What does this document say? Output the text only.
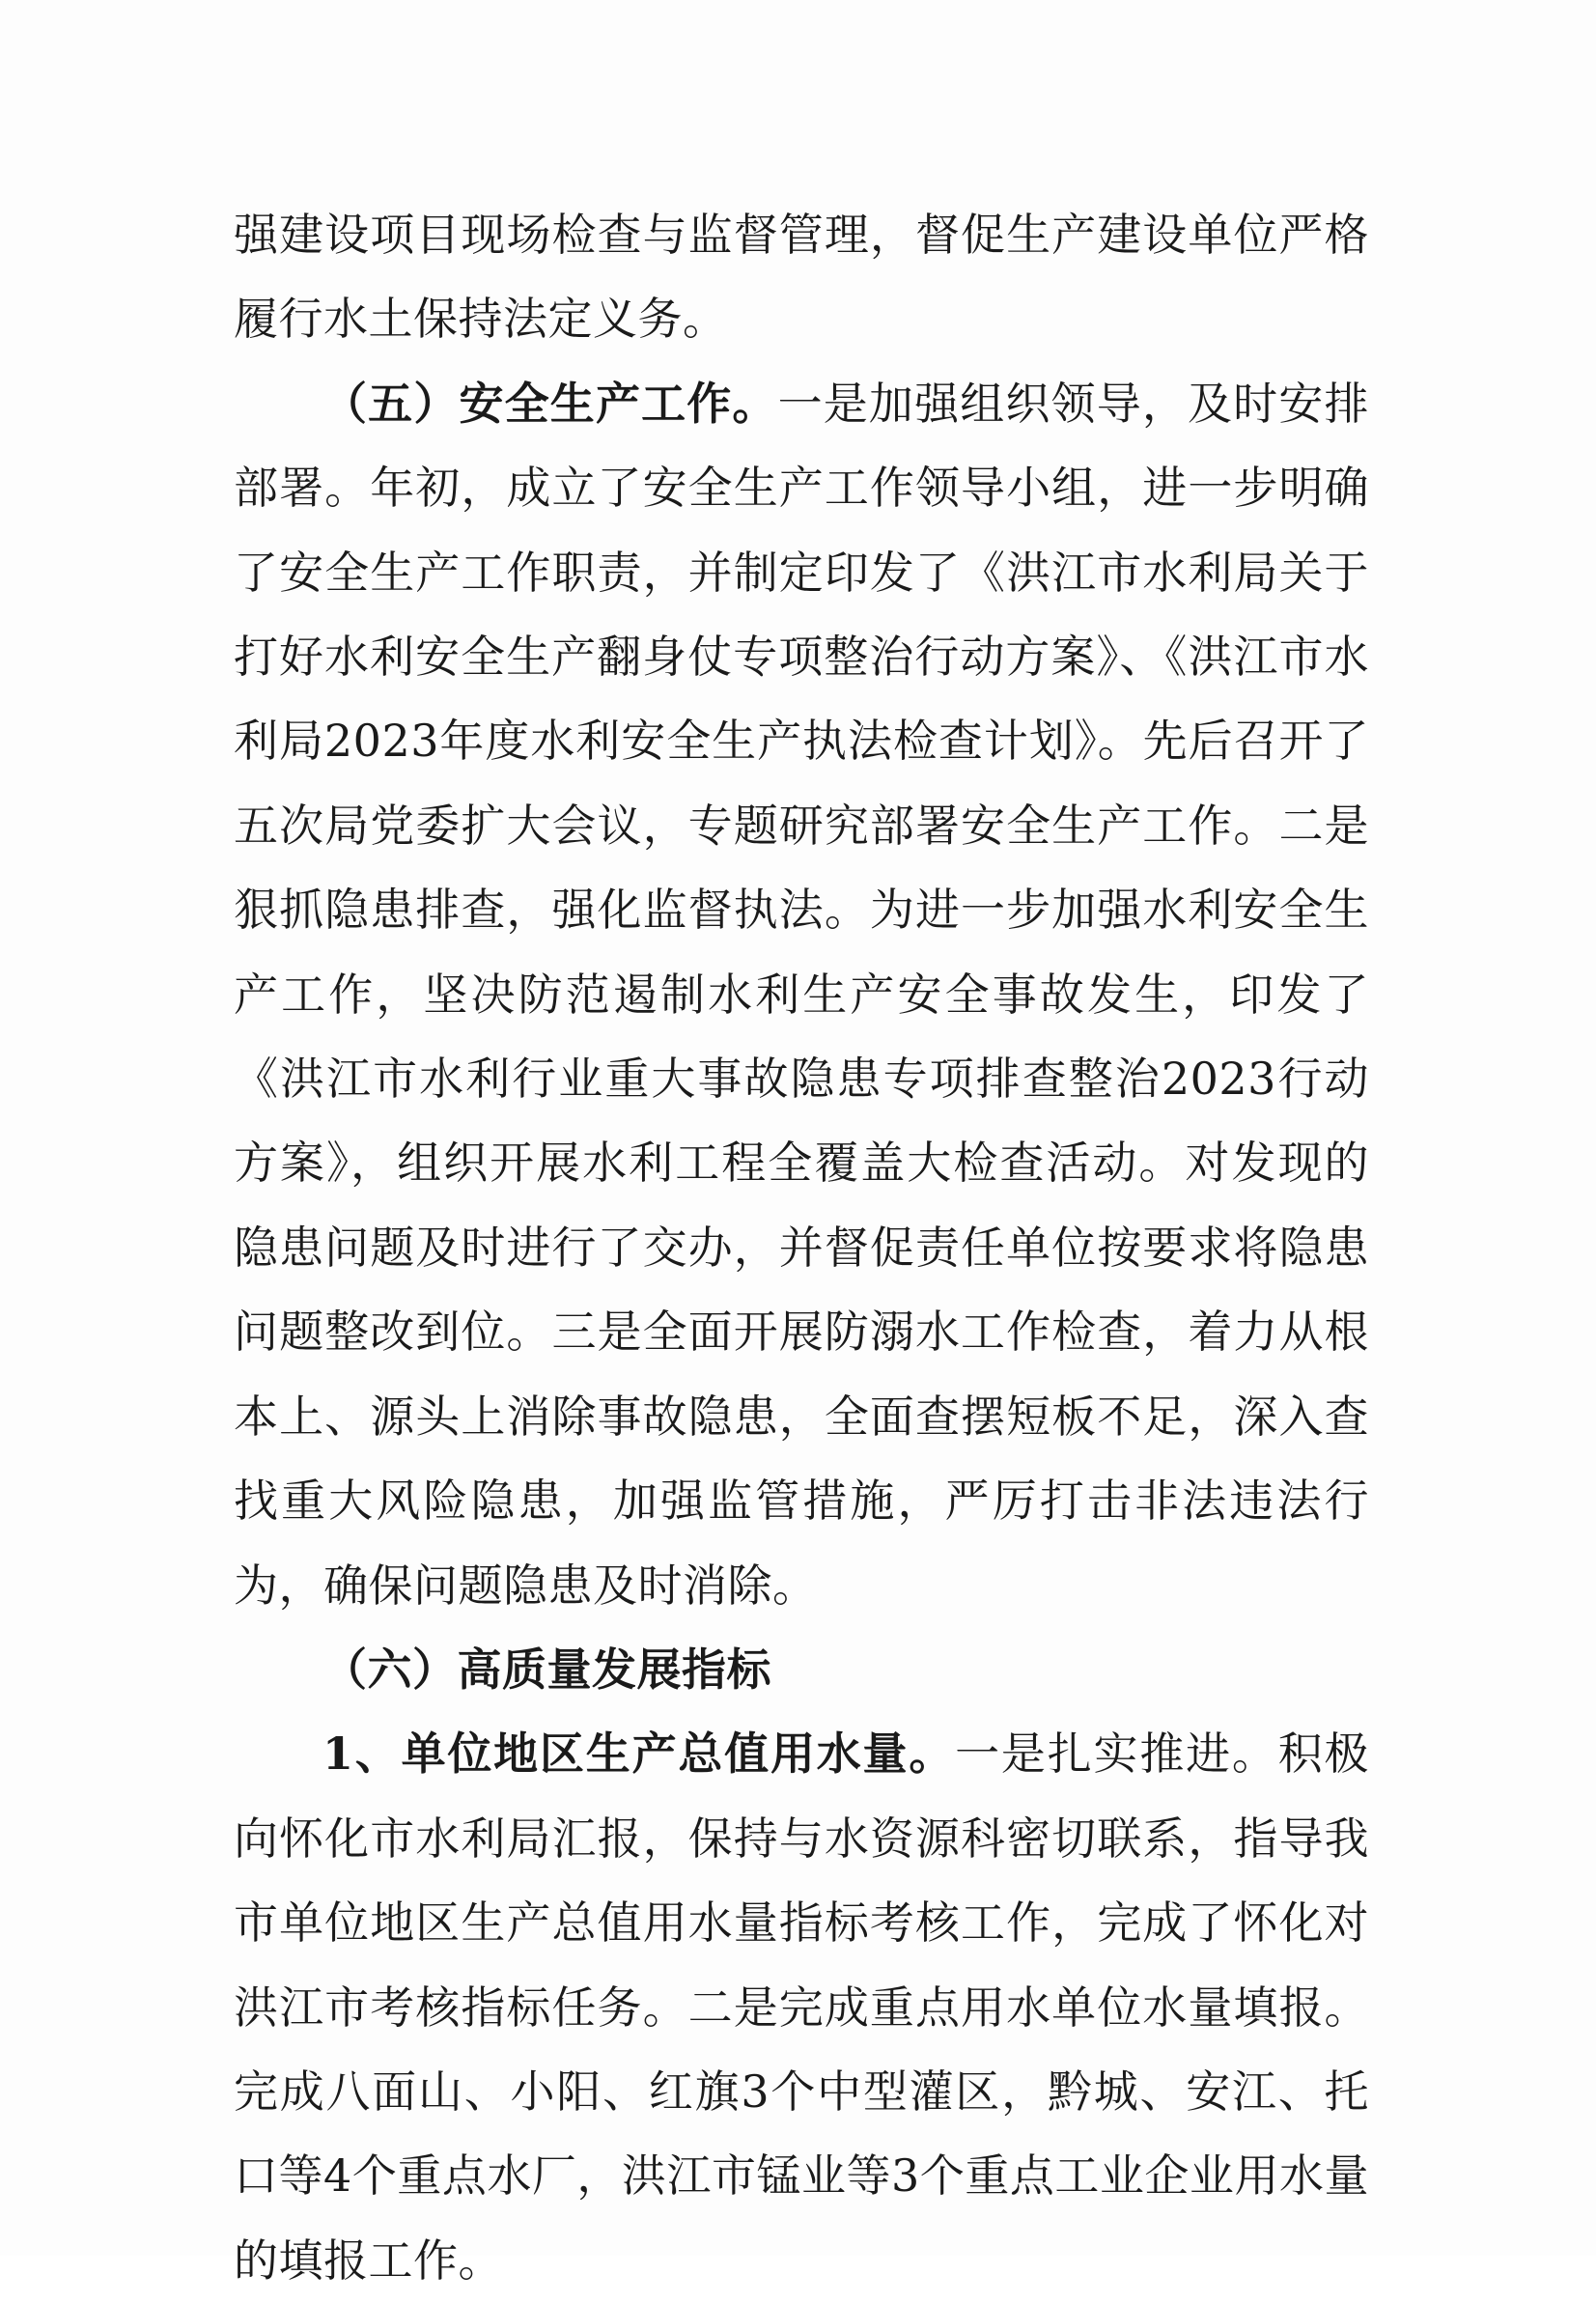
强建设项目现场检查与监督管理，督促生产建设单位严格履行水土保持法定义务。

（五）安全生产工作。一是加强组织领导，及时安排部署。年初，成立了安全生产工作领导小组，进一步明确了安全生产工作职责，并制定印发了《洪江市水利局关于打好水利安全生产翻身仗专项整治行动方案》、《洪江市水利局2023年度水利安全生产执法检查计划》。先后召开了五次局党委扩大会议，专题研究部署安全生产工作。二是狠抓隐患排查，强化监督执法。为进一步加强水利安全生产工作，坚决防范遏制水利生产安全事故发生，印发了《洪江市水利行业重大事故隐患专项排查整治2023行动方案》，组织开展水利工程全覆盖大检查活动。对发现的隐患问题及时进行了交办，并督促责任单位按要求将隐患问题整改到位。三是全面开展防溺水工作检查，着力从根本上、源头上消除事故隐患，全面查摆短板不足，深入查找重大风险隐患，加强监管措施，严厉打击非法违法行为，确保问题隐患及时消除。

（六）高质量发展指标

1、单位地区生产总值用水量。一是扎实推进。积极向怀化市水利局汇报，保持与水资源科密切联系，指导我市单位地区生产总值用水量指标考核工作，完成了怀化对洪江市考核指标任务。二是完成重点用水单位水量填报。完成八面山、小阳、红旗3个中型灌区，黔城、安江、托口等4个重点水厂，洪江市锰业等3个重点工业企业用水量的填报工作。
